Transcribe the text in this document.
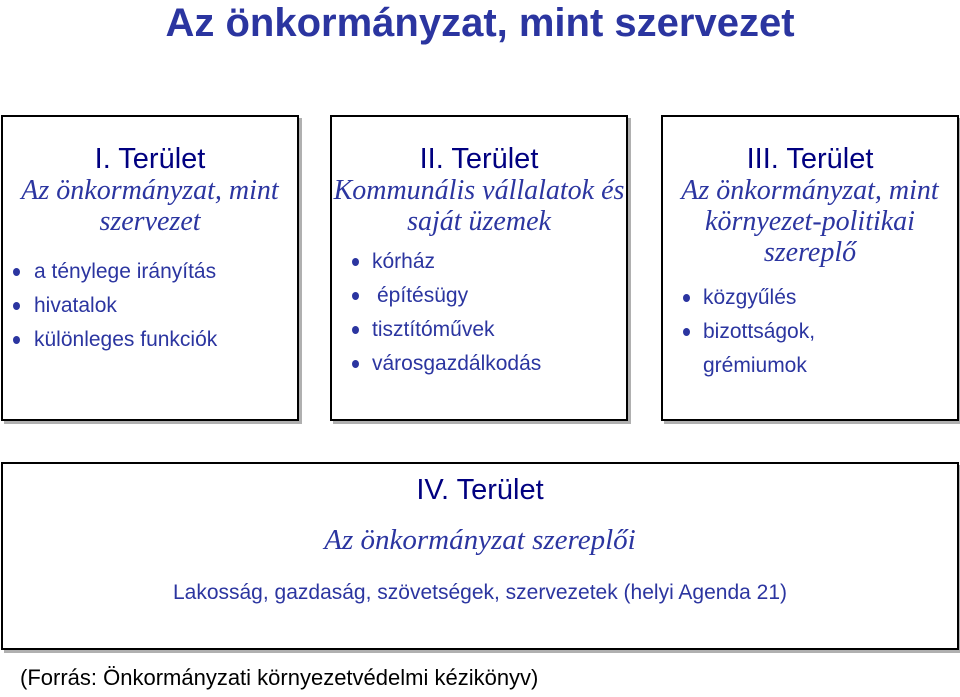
Az önkormányzat, mint szervezet
I. Terület
Az önkormányzat, mint szervezet
a ténylege irányítás
hivatalok
különleges funkciók
II. Terület
Kommunális vállalatok és saját üzemek
kórház
építésügy
tisztítóművek
városgazdálkodás
III. Terület
Az önkormányzat, mint környezet-politikai szereplő
közgyűlés
bizottságok,
grémiumok
IV. Terület
Az önkormányzat szereplői
Lakosság, gazdaság, szövetségek, szervezetek (helyi Agenda 21)
(Forrás: Önkormányzati környezetvédelmi kézikönyv)
